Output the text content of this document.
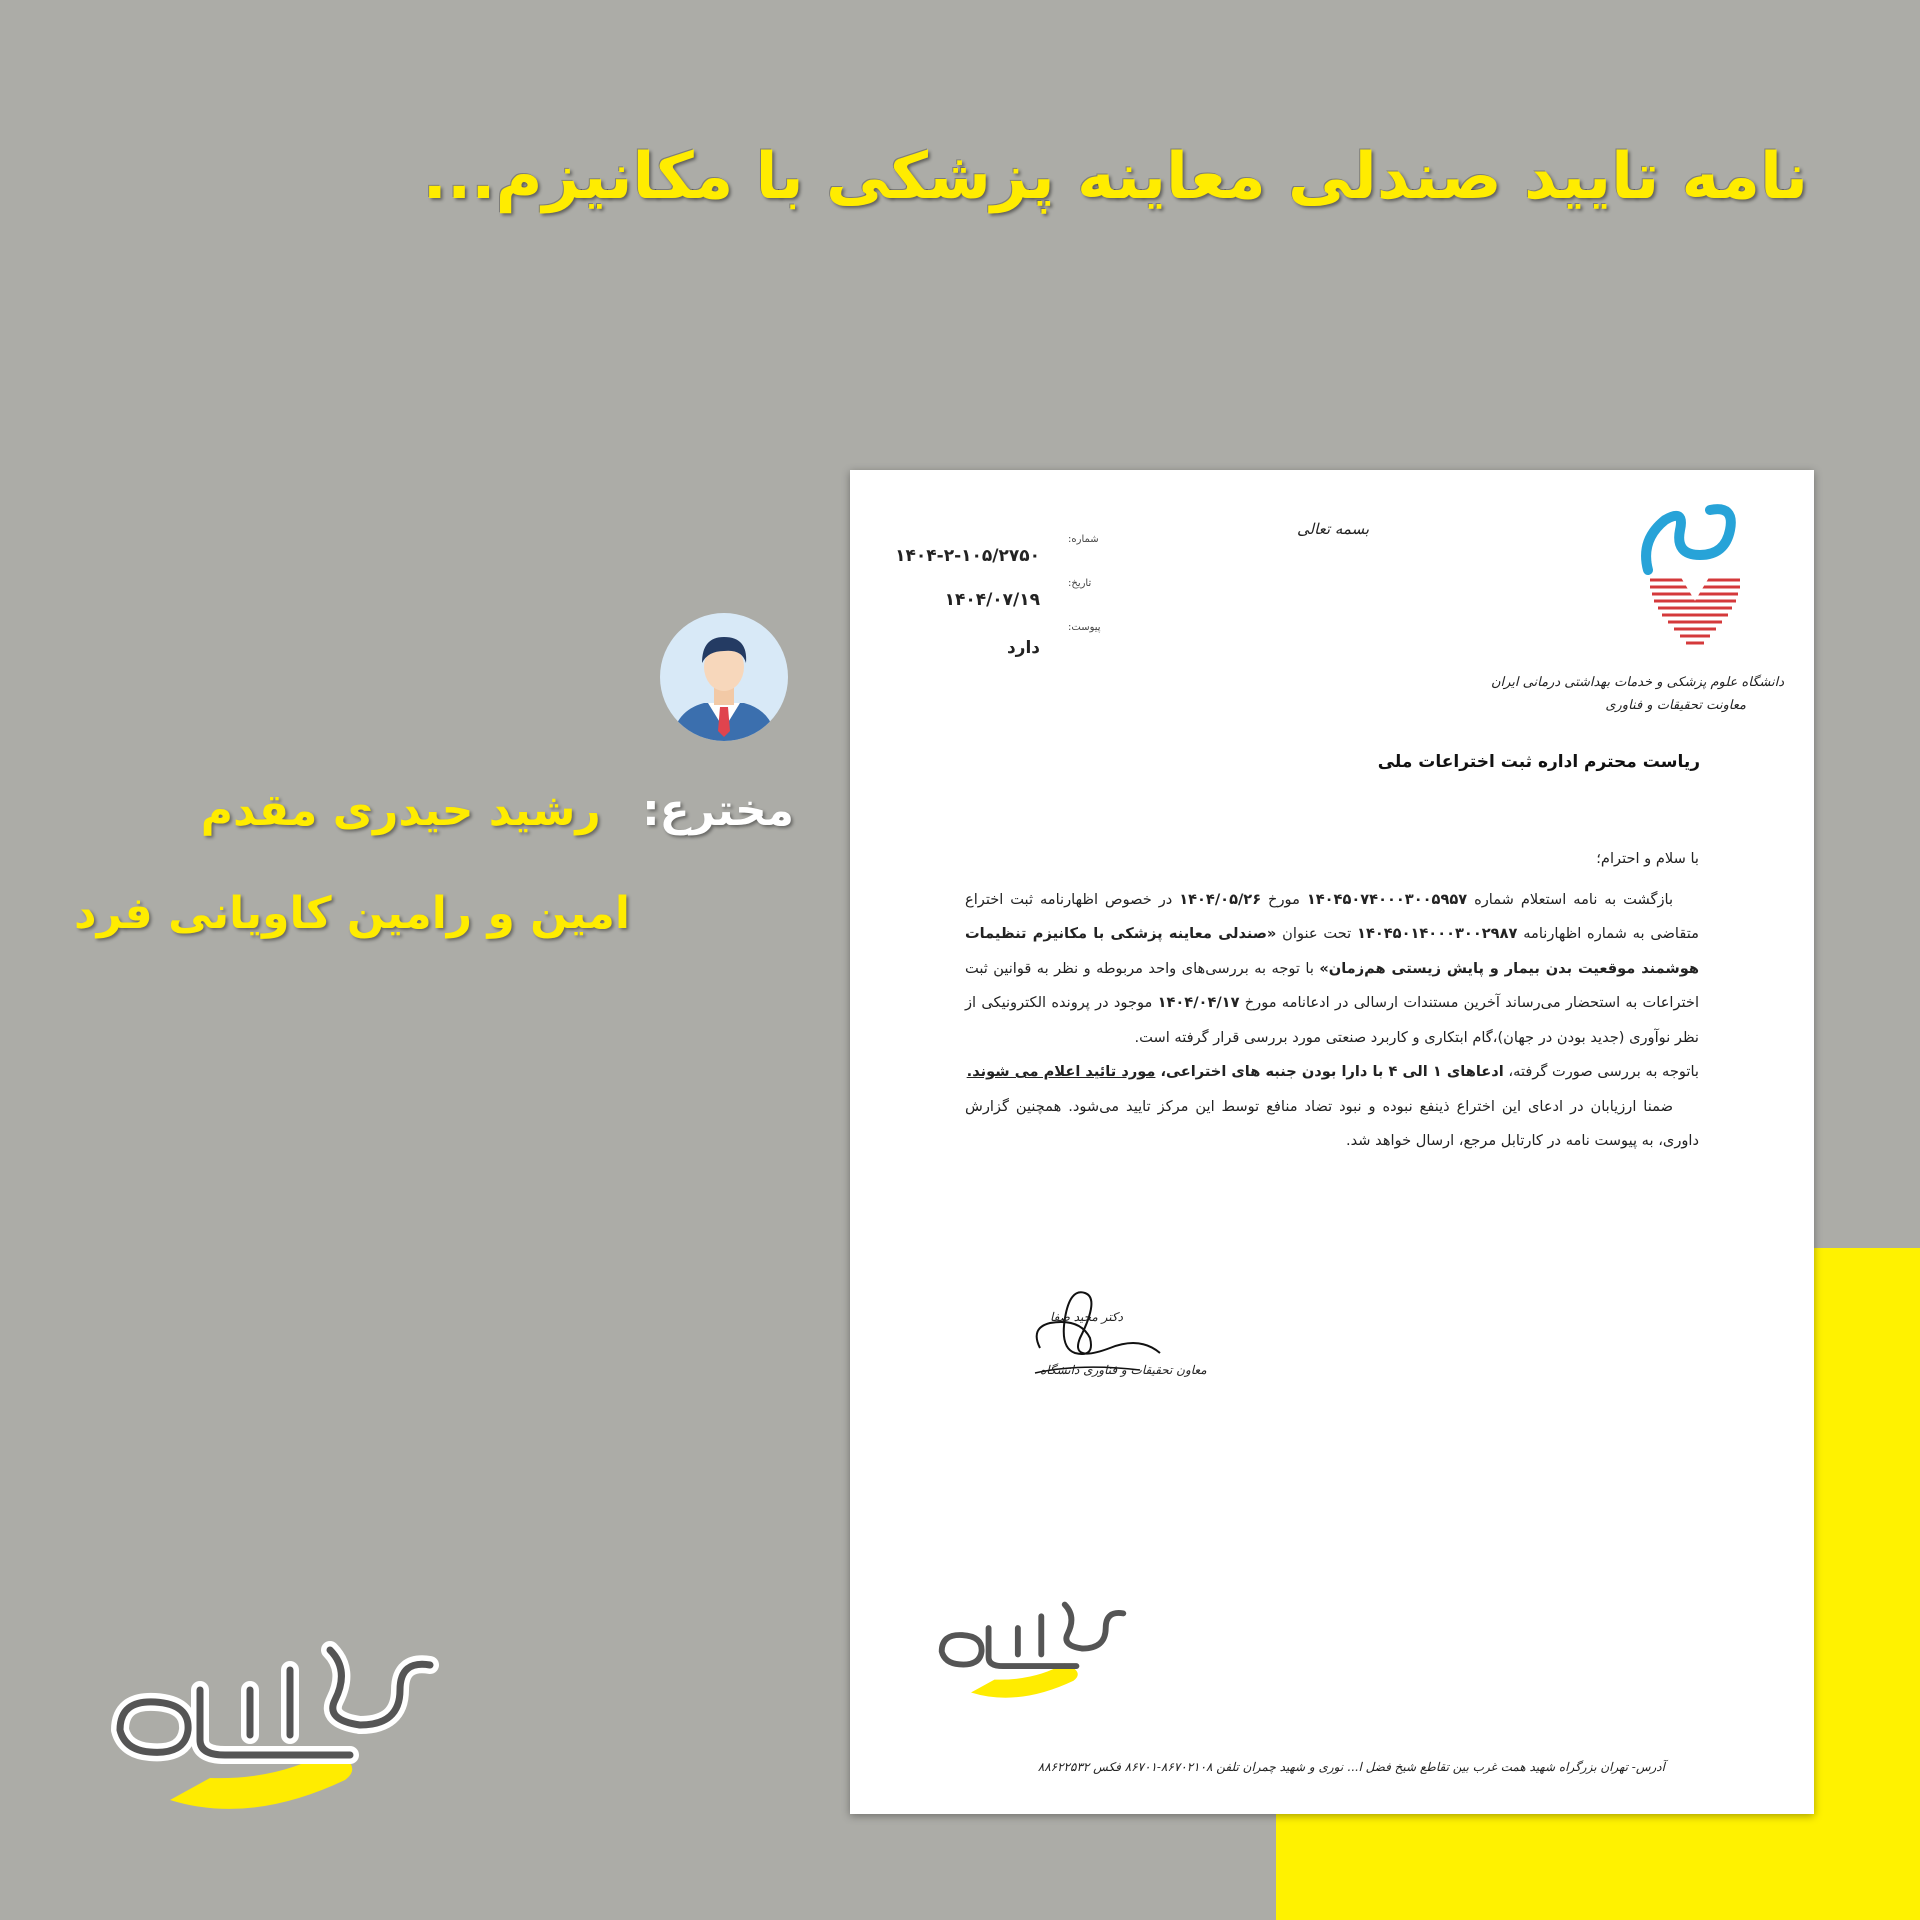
نامه تایید صندلی معاینه پزشکی با مکانیزم...
مخترع: رشید حیدری مقدم
امین و رامین کاویانی فرد
دانشگاه علوم پزشکی و خدمات بهداشتی درمانی ایران
معاونت تحقیقات و فناوری
بسمه تعالی
شماره:
۱۴۰۴-۲-۱۰۵/۲۷۵۰
تاریخ:
۱۴۰۴/۰۷/۱۹
پیوست:
دارد
ریاست محترم اداره ثبت اختراعات ملی

با سلام و احترام؛

بازگشت به نامه استعلام شماره ۱۴۰۴۵۰۷۴۰۰۰۳۰۰۵۹۵۷ مورخ ۱۴۰۴/۰۵/۲۶ در خصوص اظهارنامه ثبت اختراع متقاضی به شماره اظهارنامه ۱۴۰۴۵۰۱۴۰۰۰۳۰۰۲۹۸۷ تحت عنوان «صندلی معاینه پزشکی با مکانیزم تنظیمات هوشمند موقعیت بدن بیمار و پایش زیستی هم‌زمان» با توجه به بررسی‌های واحد مربوطه و نظر به قوانین ثبت اختراعات به استحضار می‌رساند آخرین مستندات ارسالی در ادعانامه مورخ ۱۴۰۴/۰۴/۱۷ موجود در پرونده الکترونیکی از نظر نوآوری (جدید بودن در جهان)،گام ابتکاری و کاربرد صنعتی مورد بررسی قرار گرفته است.

باتوجه به بررسی صورت گرفته، ادعاهای ۱ الی ۴ با دارا بودن جنبه های اختراعی، مورد تائید اعلام می شوند.

ضمنا ارزیابان در ادعای این اختراع ذینفع نبوده و نبود تضاد منافع توسط این مرکز تایید می‌شود. همچنین گزارش داوری، به پیوست نامه در کارتابل مرجع، ارسال خواهد شد.

دکتر مجید صفا
معاون تحقیقات و فناوری دانشگاه
آدرس- تهران بزرگراه شهید همت غرب بین تقاطع شیخ فضل ا... نوری و شهید چمران تلفن ۸۶۷۰۲۱۰۸-۸۶۷۰۱ فکس ۸۸۶۲۲۵۳۲
